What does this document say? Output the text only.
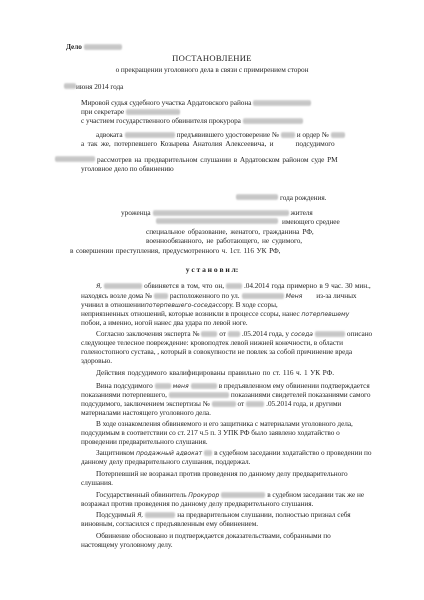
Дело
ПОСТАНОВЛЕНИЕ
о прекращении уголовного дела в связи с примирением сторон
июня 2014 года
Мировой судья судебного участка Ардатовского района
при секретаре
с участием государственного обвинителя прокурора
адвоката	предъявившего удостоверение № и ордер №
а так же, потерпевшего Козырева Анатолия Алексеевича, и	подсудимого
рассмотрев на предварительном слушании в Ардатовском районом суде РМ
уголовное дело по обвинению
года рождения.
уроженца	жителя
имеющего среднее
специальное образование, женатого, гражданина РФ,
военнообязанного, не работающего, не судимого,
в совершении преступления, предусмотренного ч. 1ст. 116 УК РФ,
у с т а н о в и л:
Я,	обвиняется в том, что он,	.04.2014 года примерно в 9 час. 30 мин.,
находясь возле дома № расположенного по ул.	Меня из-за личных
учинил в отношениипотерпевшего-соседассору. В ходе ссоры,
неприязненных отношений, которые возникли в процессе ссоры, нанес потерпевшему
побои, а именно, ногой нанес два удара по левой ноге.
Согласно заключения эксперта №	от .05.2014 года, у соседа	описано
следующее телесное повреждение: кровоподтек левой нижней конечности, в области
голеностопного сустава, , который в совокупности не повлек за собой причинение вреда
здоровью.
Действия подсудимого квалифицированы правильно по ст. 116 ч. 1 УК РФ.
Вина подсудимого	меня	в предъявленном ему обвинении подтверждается
показаниями потерпевшего,	показаниями свидетелей показаниями самого
подсудимого, заключением экспертизы №	от	.05.2014 года, и другими
материалами настоящего уголовного дела.
В ходе ознакомления обвиняемого и его защитника с материалами уголовного дела,
подсудимым в соответствии со ст. 217 ч.5 п. 3 УПК РФ было заявлено ходатайство о
проведении предварительного слушания.
Защитником продажный адвокат в судебном заседании ходатайство о проведении по
данному делу предварительного слушания, поддержал.
Потерпевший не возражал против проведения по данному делу предварительного
слушания.
Государственный обвинитель Прокурор	в судебном заседании так же не
возражал против проведения по данному делу предварительного слушания.
Подсудимый Я,	на предварительном слушании, полностью признал себя
виновным, согласился с предъявленным ему обвинением.
Обвинение обосновано и подтверждается доказательствами, собранными по
настоящему уголовному делу.
